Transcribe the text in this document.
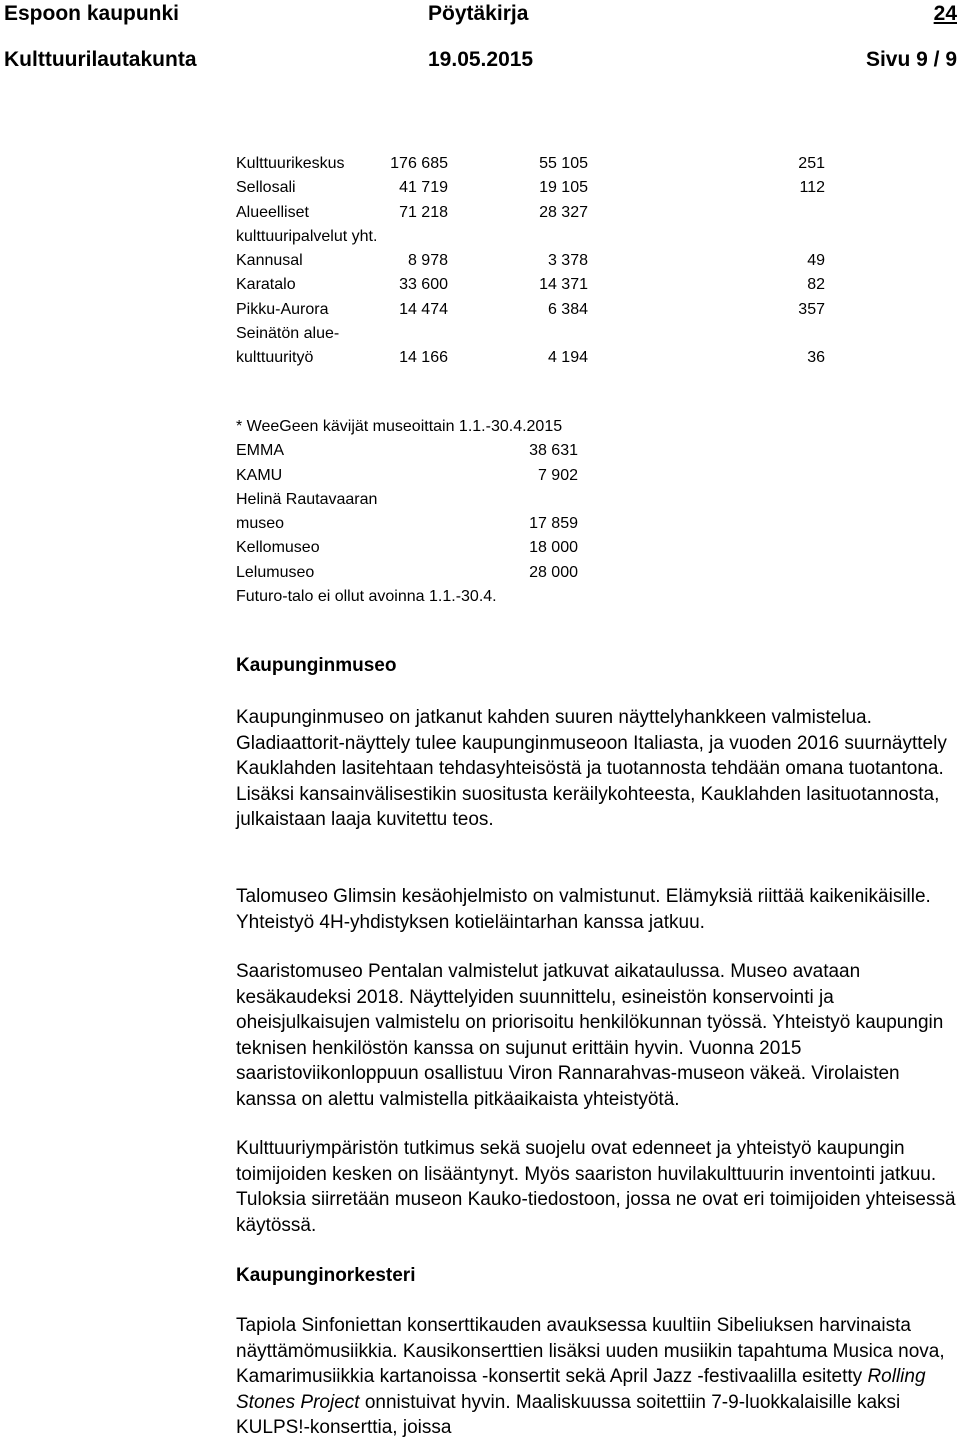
Espoon kaupunki	Pöytäkirja	24
Kulttuurilautakunta	19.05.2015	Sivu 9 / 9
Kulttuurikeskus	176 685	55 105	251
Sellosali	41 719	19 105	112
Alueelliset	71 218	28 327
kulttuuripalvelut yht.
Kannusal	8 978	3 378	49
Karatalo	33 600	14 371	82
Pikku-Aurora	14 474	6 384	357
Seinätön alue-
kulttuurityö	14 166	4 194	36
* WeeGeen kävijät museoittain 1.1.-30.4.2015
EMMA	38 631
KAMU	7 902
Helinä Rautavaaran
museo	17 859
Kellomuseo	18 000
Lelumuseo	28 000
Futuro-talo ei ollut avoinna 1.1.-30.4.

Kaupunginmuseo

Kaupunginmuseo on jatkanut kahden suuren näyttelyhankkeen valmistelua. Gladiaattorit-näyttely tulee kaupunginmuseoon Italiasta, ja vuoden 2016 suurnäyttely Kauklahden lasitehtaan tehdasyhteisöstä ja tuotannosta tehdään omana tuotantona. Lisäksi kansainvälisestikin suositusta keräilykohteesta, Kauklahden lasituotannosta, julkaistaan laaja kuvitettu teos.

Talomuseo Glimsin kesäohjelmisto on valmistunut. Elämyksiä riittää kaikenikäisille. Yhteistyö 4H-yhdistyksen kotieläintarhan kanssa jatkuu.

Saaristomuseo Pentalan valmistelut jatkuvat aikataulussa. Museo avataan kesäkaudeksi 2018. Näyttelyiden suunnittelu, esineistön konservointi ja oheisjulkaisujen valmistelu on priorisoitu henkilökunnan työssä. Yhteistyö kaupungin teknisen henkilöstön kanssa on sujunut erittäin hyvin. Vuonna 2015 saaristoviikonloppuun osallistuu Viron Rannarahvas-museon väkeä. Virolaisten kanssa on alettu valmistella pitkäaikaista yhteistyötä.

Kulttuuriympäristön tutkimus sekä suojelu ovat edenneet ja yhteistyö kaupungin toimijoiden kesken on lisääntynyt. Myös saariston huvilakulttuurin inventointi jatkuu. Tuloksia siirretään museon Kauko-tiedostoon, jossa ne ovat eri toimijoiden yhteisessä käytössä.

Kaupunginorkesteri

Tapiola Sinfoniettan konserttikauden avauksessa kuultiin Sibeliuksen harvinaista näyttämömusiikkia. Kausikonserttien lisäksi uuden musiikin tapahtuma Musica nova, Kamarimusiikkia kartanoissa -konsertit sekä April Jazz -festivaalilla esitetty Rolling Stones Project onnistuivat hyvin. Maaliskuussa soitettiin 7-9-luokkalaisille kaksi KULPS!-konserttia, joissa
